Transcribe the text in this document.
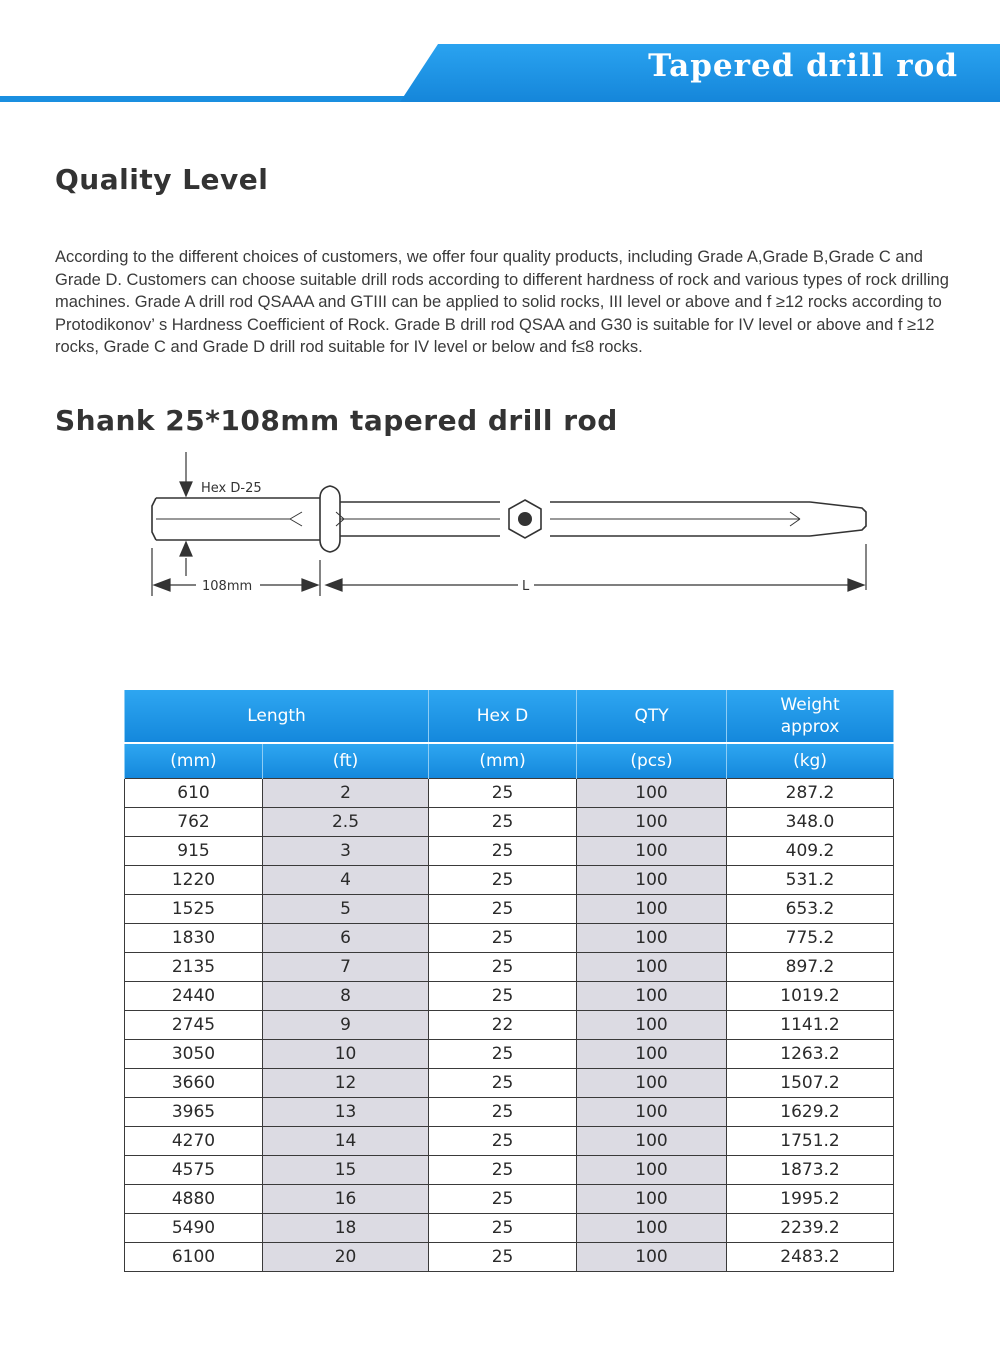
Tapered drill rod
Quality Level

According to the different choices of customers, we offer four quality products, including Grade A,Grade B,Grade C and Grade D. Customers can choose suitable drill rods according to different hardness of rock and various types of rock drilling machines. Grade A drill rod QSAAA and GTIII can be applied to solid rocks, III level or above and f ≥12 rocks according to Protodikonov’ s Hardness Coefficient of Rock. Grade B drill rod QSAA and G30 is suitable for IV level or above and f ≥12 rocks, Grade C and Grade D drill rod suitable for IV level or below and f≤8 rocks.

Shank 25*108mm tapered drill rod
Hex D-25
108mm	L
Length		Hex D	QTY	Weight
approx

(mm)	(ft)	(mm)	(pcs)	(kg)
610	2	25	100	287.2
762	2.5	25	100	348.0
915	3	25	100	409.2
1220	4	25	100	531.2
1525	5	25	100	653.2
1830	6	25	100	775.2
2135	7	25	100	897.2
2440	8	25	100	1019.2
2745	9	22	100	1141.2
3050	10	25	100	1263.2
3660	12	25	100	1507.2
3965	13	25	100	1629.2
4270	14	25	100	1751.2
4575	15	25	100	1873.2
4880	16	25	100	1995.2
5490	18	25	100	2239.2
6100	20	25	100	2483.2
